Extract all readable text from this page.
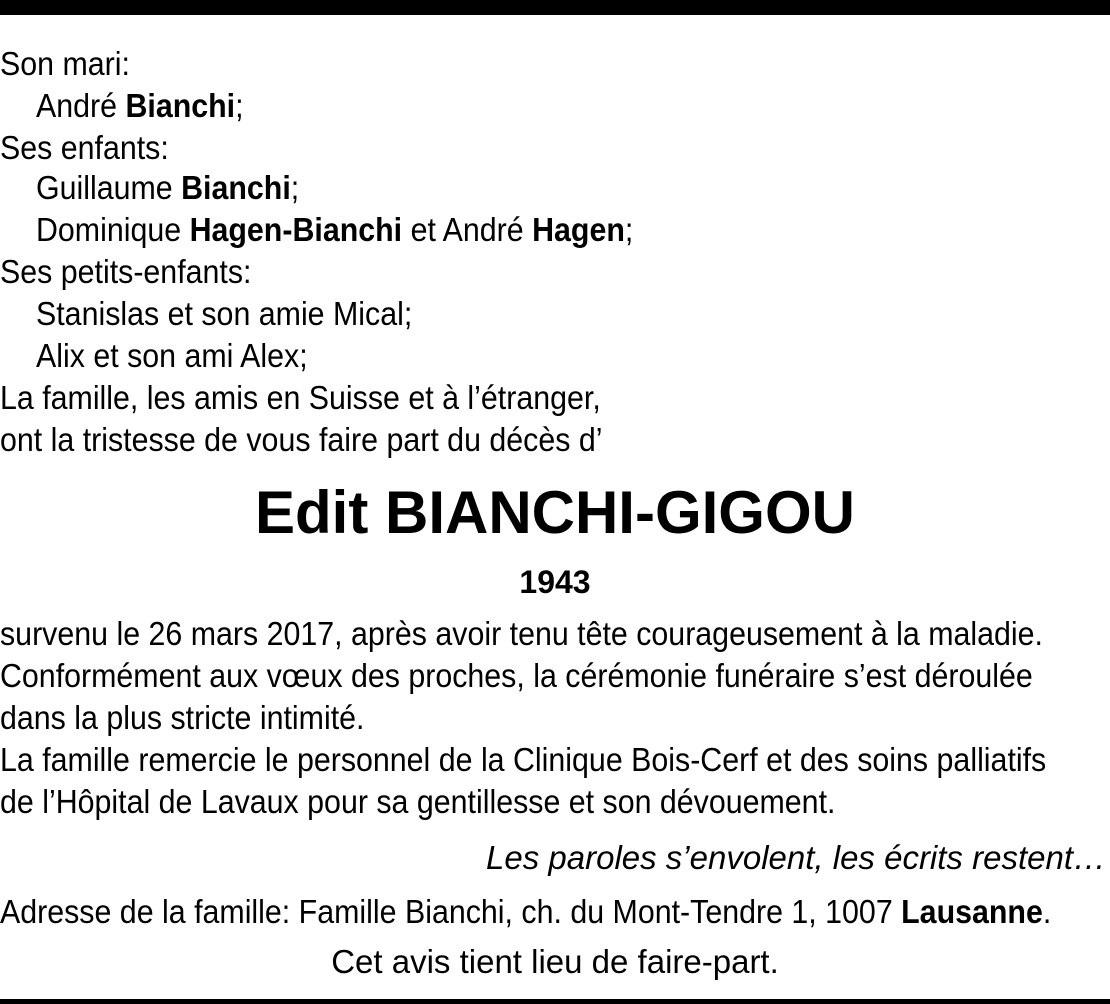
Son mari:
André Bianchi;
Ses enfants:
Guillaume Bianchi;
Dominique Hagen-Bianchi et André Hagen;
Ses petits-enfants:
Stanislas et son amie Mical;
Alix et son ami Alex;
La famille, les amis en Suisse et à l’étranger,
ont la tristesse de vous faire part du décès d’
Edit BIANCHI-GIGOU
1943
survenu le 26 mars 2017, après avoir tenu tête courageusement à la maladie.
Conformément aux vœux des proches, la cérémonie funéraire s’est déroulée
dans la plus stricte intimité.
La famille remercie le personnel de la Clinique Bois-Cerf et des soins palliatifs
de l’Hôpital de Lavaux pour sa gentillesse et son dévouement.
Les paroles s’envolent, les écrits restent…
Adresse de la famille: Famille Bianchi, ch. du Mont-Tendre 1, 1007 Lausanne.
Cet avis tient lieu de faire-part.
